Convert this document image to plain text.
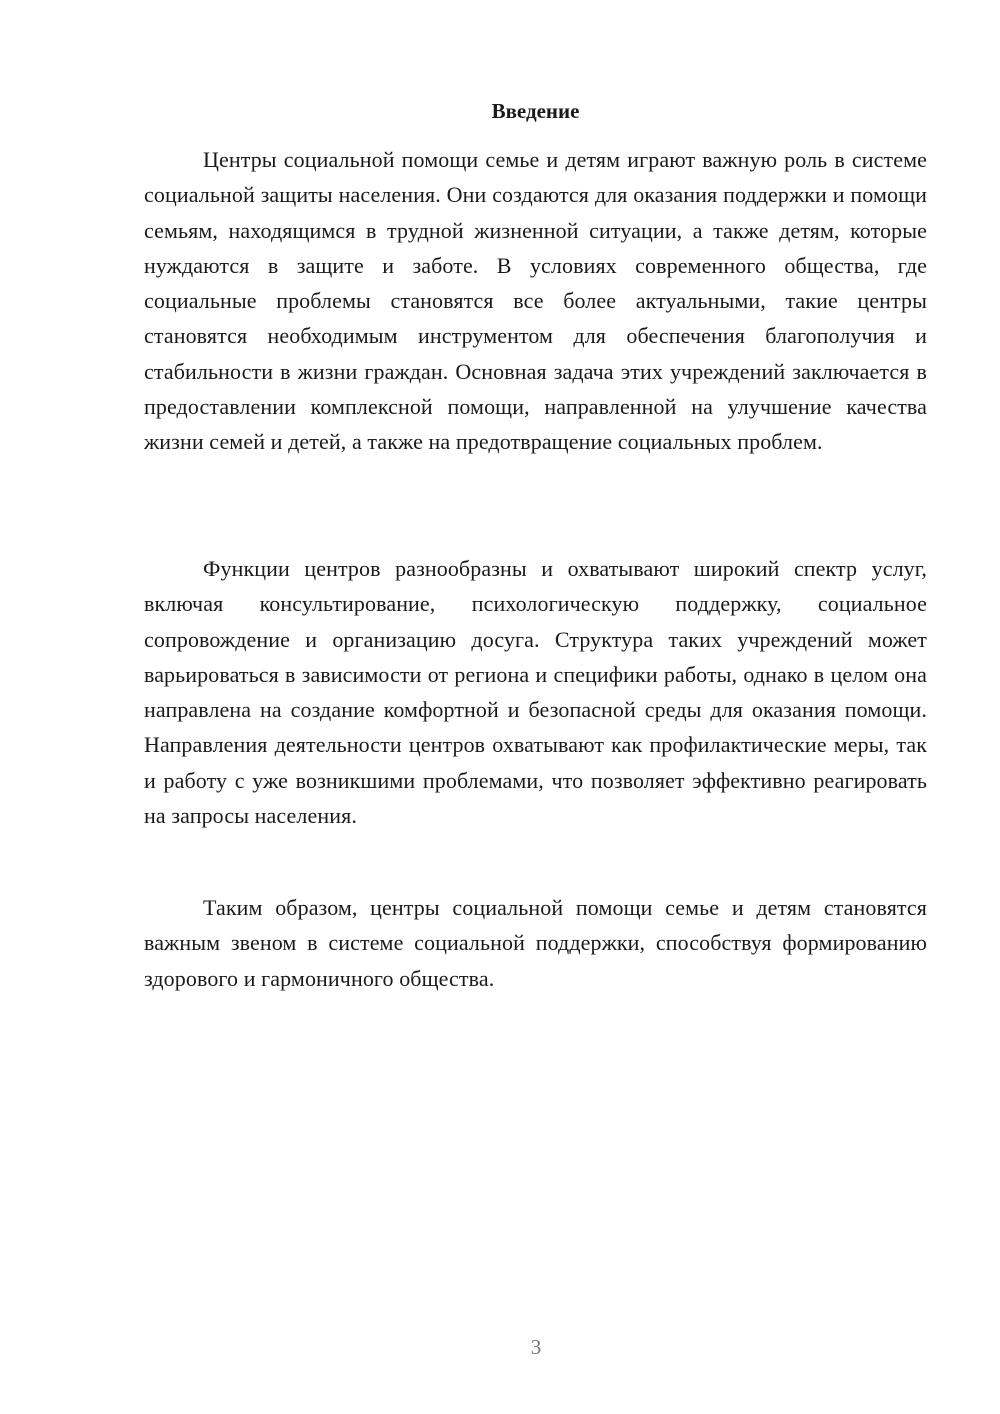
Введение

Центры социальной помощи семье и детям играют важную роль в системе социальной защиты населения. Они создаются для оказания поддержки и помощи семьям, находящимся в трудной жизненной ситуации, а также детям, которые нуждаются в защите и заботе. В условиях современного общества, где социальные проблемы становятся все более актуальными, такие центры становятся необходимым инструментом для обеспечения благополучия и стабильности в жизни граждан. Основная задача этих учреждений заключается в предоставлении комплексной помощи, направленной на улучшение качества жизни семей и детей, а также на предотвращение социальных проблем.

Функции центров разнообразны и охватывают широкий спектр услуг, включая консультирование, психологическую поддержку, социальное сопровождение и организацию досуга. Структура таких учреждений может варьироваться в зависимости от региона и специфики работы, однако в целом она направлена на создание комфортной и безопасной среды для оказания помощи. Направления деятельности центров охватывают как профилактические меры, так и работу с уже возникшими проблемами, что позволяет эффективно реагировать на запросы населения.

Таким образом, центры социальной помощи семье и детям становятся важным звеном в системе социальной поддержки, способствуя формированию здорового и гармоничного общества.

3
